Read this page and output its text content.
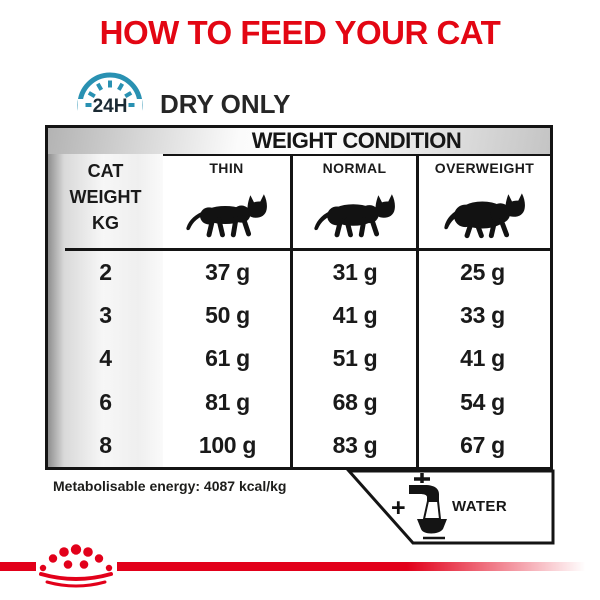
HOW TO FEED YOUR CAT
24H DRY ONLY
WEIGHT CONDITION
CAT
WEIGHT
KG
THIN	NORMAL	OVERWEIGHT
2	37 g	31 g	25 g
3	50 g	41 g	33 g
4	61 g	51 g	41 g
6	81 g	68 g	54 g
8	100 g	83 g	67 g
Metabolisable energy: 4087 kcal/kg
+	WATER
